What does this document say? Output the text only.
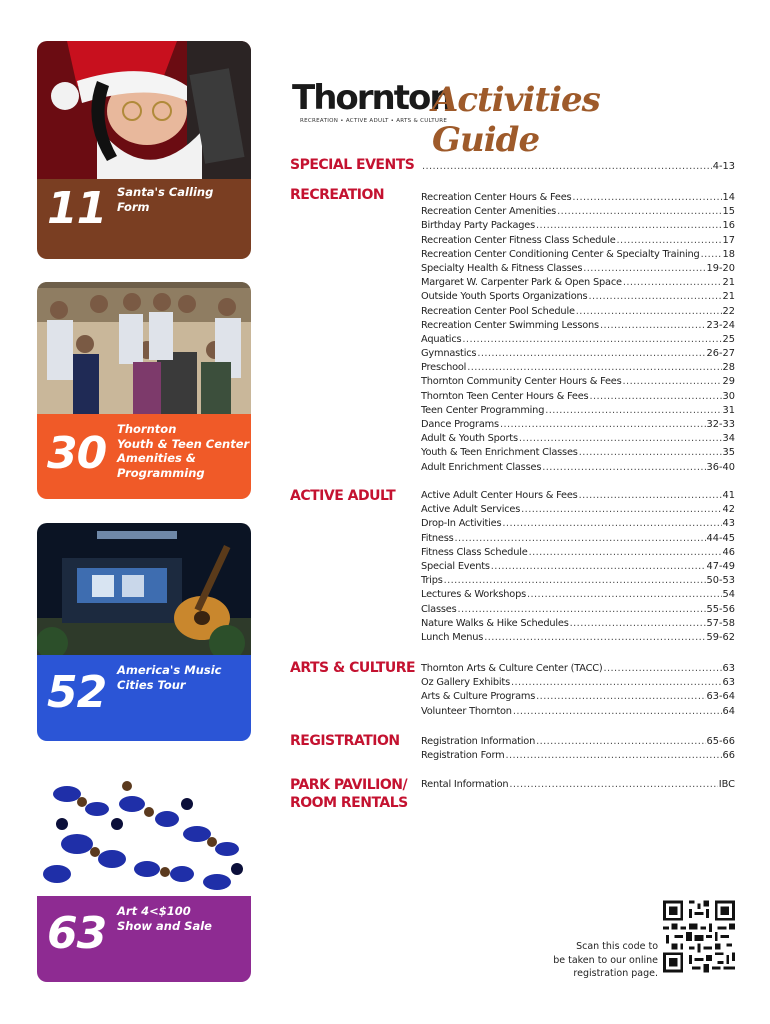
11 Santa's Calling
Form
30 Thornton
Youth & Teen Center
Amenities &
Programming
52 America's Music
Cities Tour
63 Art 4<$100
Show and Sale
Thornton
Activities Guide
RECREATION • ACTIVE ADULT • ARTS & CULTURE
SPECIAL EVENTS .....	4-13
RECREATION	Recreation Center Hours & Fees .....	14
Recreation Center Amenities .....	15
Birthday Party Packages .....	16
Recreation Center Fitness Class Schedule .....	17
Recreation Center Conditioning Center & Specialty Training ..... 18
Specialty Health & Fitness Classes .....	19-20
Margaret W. Carpenter Park & Open Space .....	21
Outside Youth Sports Organizations .....	21
Recreation Center Pool Schedule .....	22
Recreation Center Swimming Lessons .....	23-24
Aquatics .....	25
Gymnastics .....	26-27
Preschool .....	28
Thornton Community Center Hours & Fees .....	29
Thornton Teen Center Hours & Fees .....	30
Teen Center Programming .....	31
Dance Programs .....	32-33
Adult & Youth Sports .....	34
Youth & Teen Enrichment Classes .....	35
Adult Enrichment Classes .....	36-40
ACTIVE ADULT	Active Adult Center Hours & Fees .....	41
Active Adult Services .....	42
Drop-In Activities .....	43
Fitness .....	44-45
Fitness Class Schedule .....	46
Special Events .....	47-49
Trips .....	50-53
Lectures & Workshops .....	54
Classes .....	55-56
Nature Walks & Hike Schedules .....	57-58
Lunch Menus .....	59-62
ARTS & CULTURE Thornton Arts & Culture Center (TACC) .....	63
Oz Gallery Exhibits .....	63
Arts & Culture Programs .....	63-64
Volunteer Thornton .....	64
REGISTRATION Registration Information .....	65-66
Registration Form .....	66
PARK PAVILION/
ROOM RENTALS
Rental Information .....	IBC
Scan this code to
be taken to our online
registration page.
